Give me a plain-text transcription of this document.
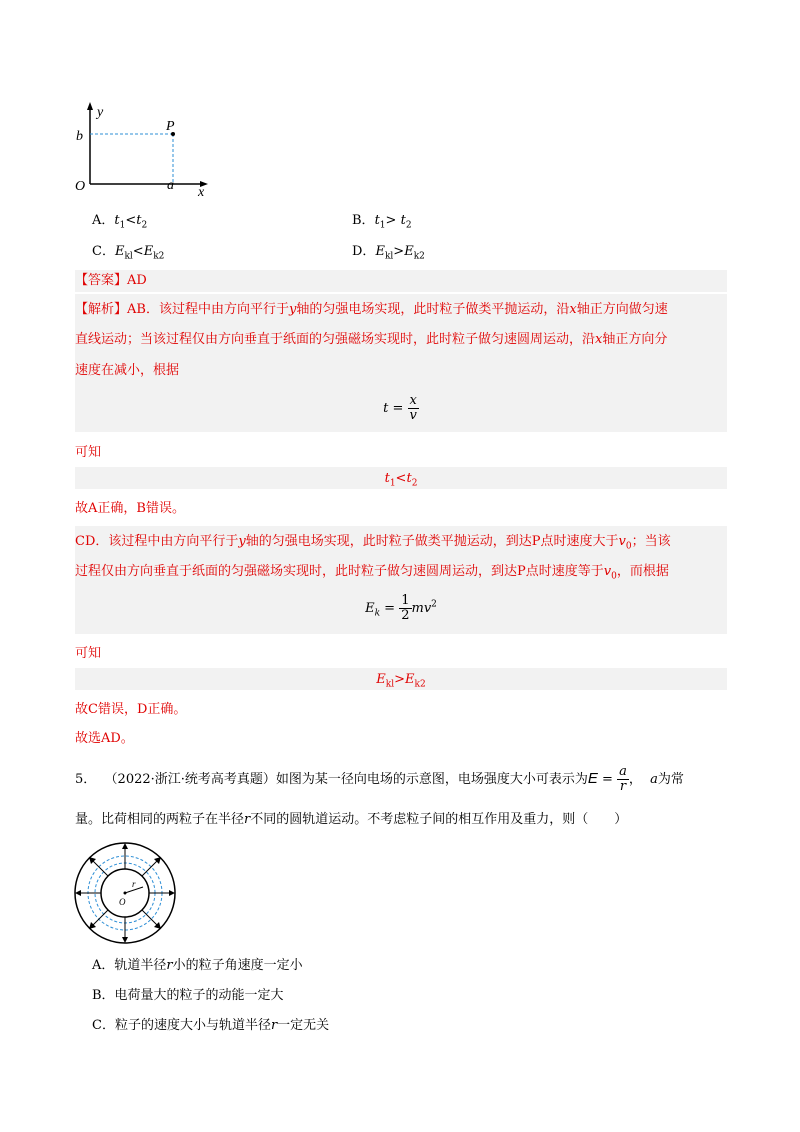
y
x
O
P
b
a
A．$t_1<t_2$	B．$t_1> t_2$
C．$E_{kl}<E_{k2}$	D．$E_{kl}>E_{k2}$
【答案】AD
【解析】AB．该过程中由方向平行于y轴的匀强电场实现，此时粒子做类平抛运动，沿x轴正方向做匀速
直线运动；当该过程仅由方向垂直于纸面的匀强磁场实现时，此时粒子做匀速圆周运动，沿x轴正方向分
速度在减小，根据
$t = \frac{x}{v}$
可知
$t_1<t_2$
故A正确，B错误。
CD．该过程中由方向平行于y轴的匀强电场实现，此时粒子做类平抛运动，到达P点时速度大于$v_0$；当该
过程仅由方向垂直于纸面的匀强磁场实现时，此时粒子做匀速圆周运动，到达P点时速度等于$v_0$，而根据
$E_k = \frac{1}{2} mv^2$
可知
$E_{kl}>E_{k2}$
故C错误，D正确。
故选AD。
5． （2022·浙江·统考高考真题）如图为某一径向电场的示意图，电场强度大小可表示为$E = \frac{a}{r}$ ， a为常
量。比荷相同的两粒子在半径r不同的圆轨道运动。不考虑粒子间的相互作用及重力，则（　　）
r
O
A．轨道半径r小的粒子角速度一定小
B．电荷量大的粒子的动能一定大
C．粒子的速度大小与轨道半径r一定无关
